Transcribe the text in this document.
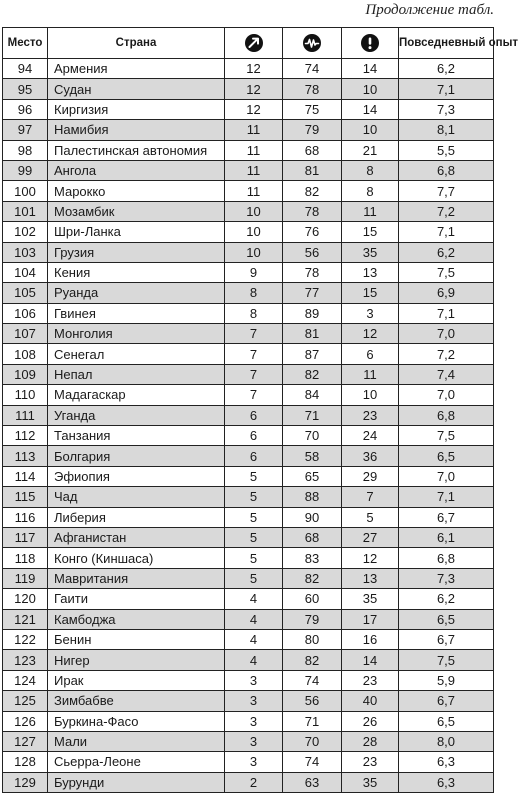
Продолжение табл.
Место	Страна				Повседневный опыт
94	Армения	12	74	14	6,2
95	Судан	12	78	10	7,1
96	Киргизия	12	75	14	7,3
97	Намибия	11	79	10	8,1
98	Палестинская автономия	11	68	21	5,5
99	Ангола	11	81	8	6,8
100	Марокко	11	82	8	7,7
101	Мозамбик	10	78	11	7,2
102	Шри-Ланка	10	76	15	7,1
103	Грузия	10	56	35	6,2
104	Кения	9	78	13	7,5
105	Руанда	8	77	15	6,9
106	Гвинея	8	89	3	7,1
107	Монголия	7	81	12	7,0
108	Сенегал	7	87	6	7,2
109	Непал	7	82	11	7,4
110	Мадагаскар	7	84	10	7,0
111	Уганда	6	71	23	6,8
112	Танзания	6	70	24	7,5
113	Болгария	6	58	36	6,5
114	Эфиопия	5	65	29	7,0
115	Чад	5	88	7	7,1
116	Либерия	5	90	5	6,7
117	Афганистан	5	68	27	6,1
118	Конго (Киншаса)	5	83	12	6,8
119	Мавритания	5	82	13	7,3
120	Гаити	4	60	35	6,2
121	Камбоджа	4	79	17	6,5
122	Бенин	4	80	16	6,7
123	Нигер	4	82	14	7,5
124	Ирак	3	74	23	5,9
125	Зимбабве	3	56	40	6,7
126	Буркина-Фасо	3	71	26	6,5
127	Мали	3	70	28	8,0
128	Сьерра-Леоне	3	74	23	6,3
129	Бурунди	2	63	35	6,3
